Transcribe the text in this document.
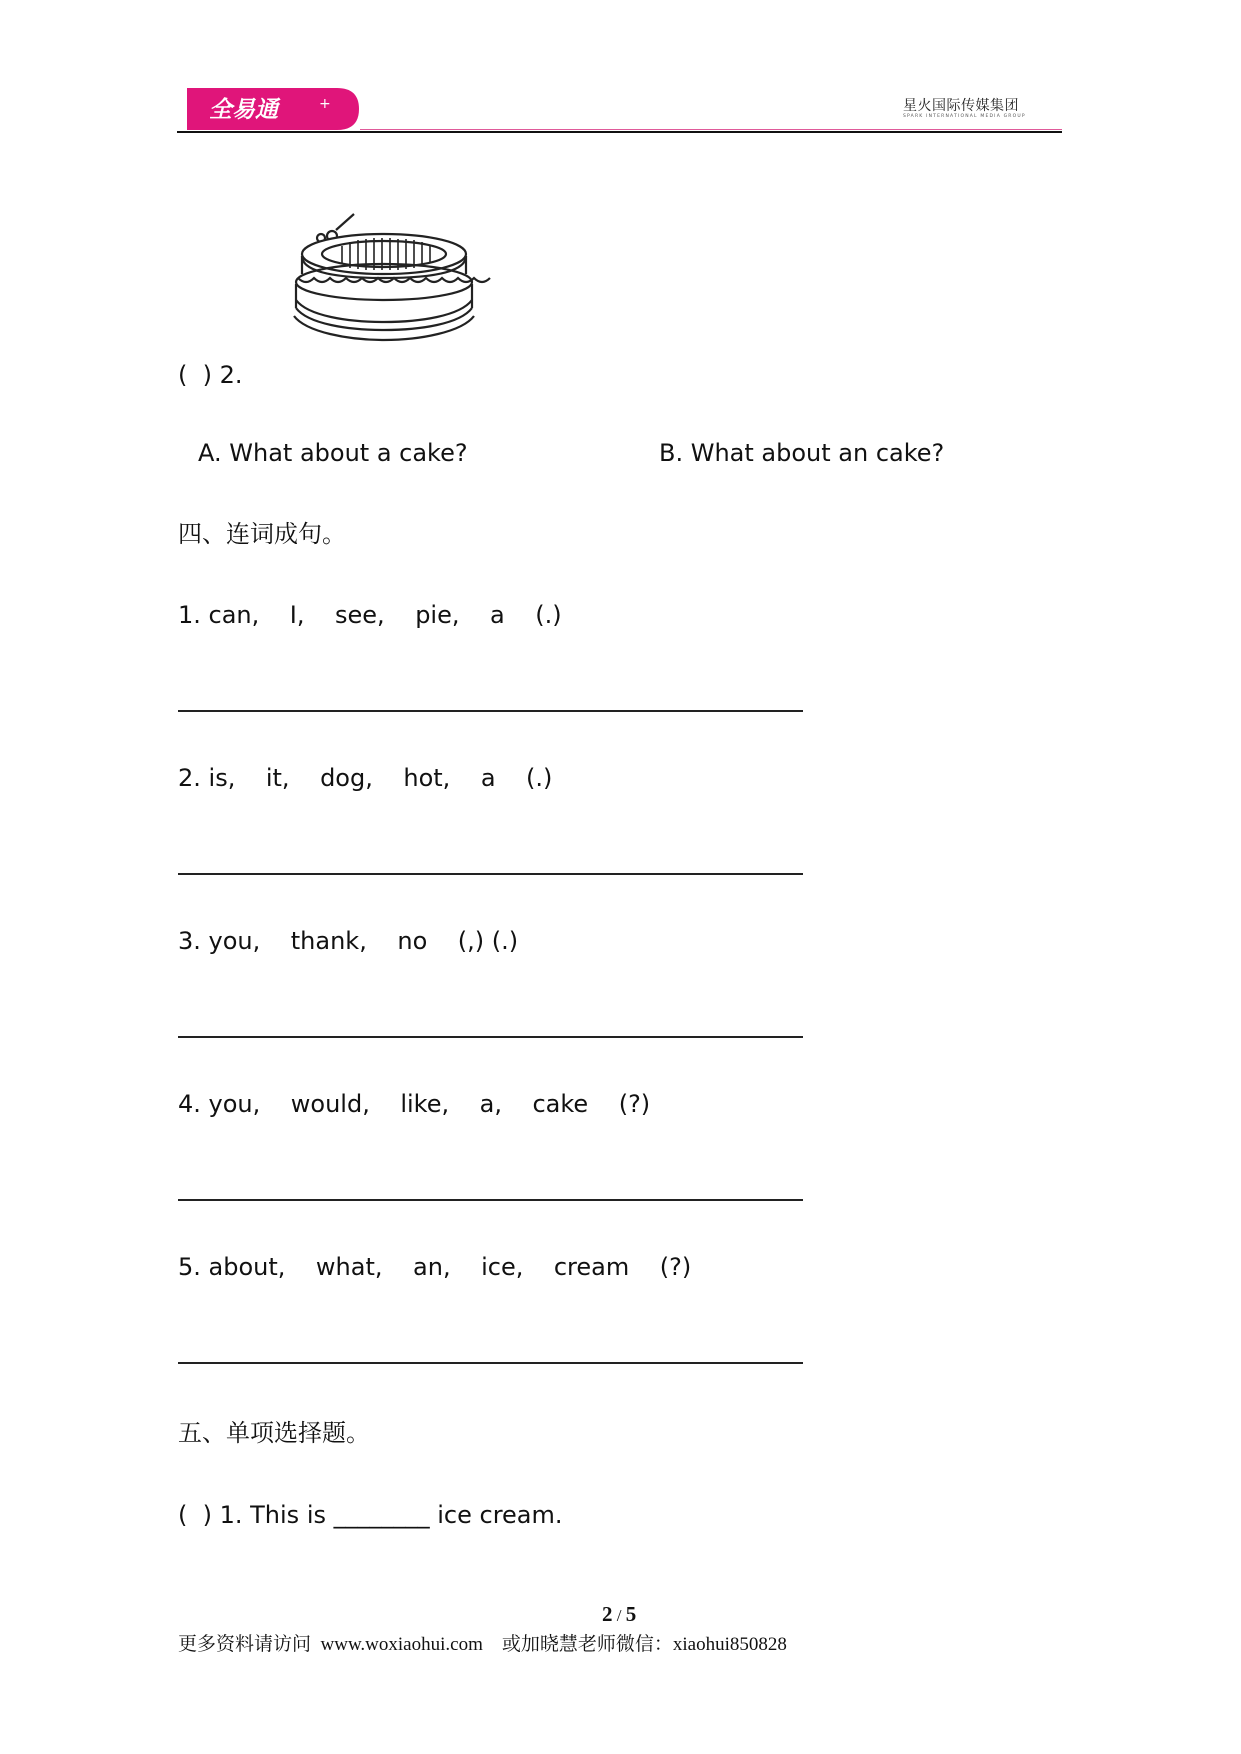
全易通	+	星火国际传媒集团
SPARK INTERNATIONAL MEDIA GROUP
(  ) 2.
A. What about a cake?	B. What about an cake?
四、连词成句。
1. can,    I,    see,    pie,    a    (.)
2. is,    it,    dog,    hot,    a    (.)
3. you,    thank,    no    (,) (.)
4. you,    would,    like,    a,    cake    (?)
5. about,    what,    an,    ice,    cream    (?)
五、单项选择题。
(  ) 1. This is ________ ice cream.
2 / 5
更多资料请访问  www.woxiaohui.com    或加晓慧老师微信：xiaohui850828
